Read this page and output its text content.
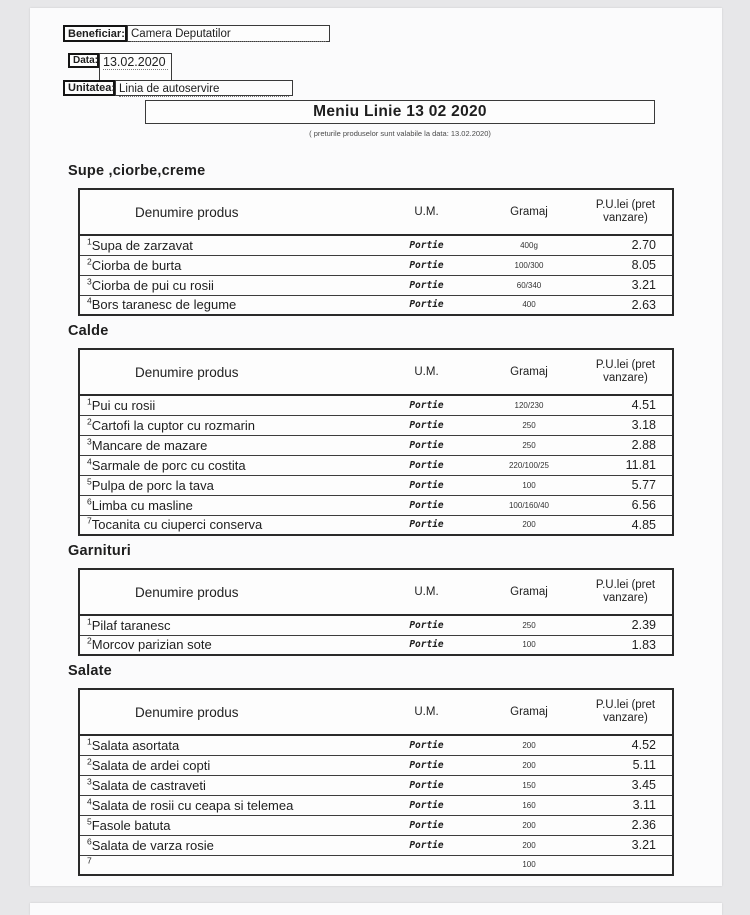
Beneficiar: Camera Deputatilor
Data: 13.02.2020
Unitatea: Linia de autoservire
Meniu Linie 13 02 2020
( preturile produselor sunt valabile la data: 13.02.2020)
Supe ,ciorbe,creme
Denumire produs	U.M.	Gramaj	P.U.lei (pret
vanzare)
$^1$Supa de zarzavat	Portie	400g	2.70
$^2$Ciorba de burta	Portie	100/300	8.05
$^3$Ciorba de pui cu rosii	Portie	60/340	3.21
$^4$Bors taranesc de legume	Portie	400	2.63
Calde
Denumire produs	U.M.	Gramaj	P.U.lei (pret
vanzare)
$^1$Pui cu rosii	Portie	120/230	4.51
$^2$Cartofi la cuptor cu rozmarin	Portie	250	3.18
$^3$Mancare de mazare	Portie	250	2.88
$^4$Sarmale de porc cu costita	Portie	220/100/25	11.81
$^5$Pulpa de porc la tava	Portie	100	5.77
$^6$Limba cu masline	Portie	100/160/40	6.56
$^7$Tocanita cu ciuperci conserva	Portie	200	4.85
Garnituri
Denumire produs	U.M.	Gramaj	P.U.lei (pret
vanzare)
$^1$Pilaf taranesc	Portie	250	2.39
$^2$Morcov parizian sote	Portie	100	1.83
Salate
Denumire produs	U.M.	Gramaj	P.U.lei (pret
vanzare)
$^1$Salata asortata	Portie	200	4.52
$^2$Salata de ardei copti	Portie	200	5.11
$^3$Salata de castraveti	Portie	150	3.45
$^4$Salata de rosii cu ceapa si telemea	Portie	160	3.11
$^5$Fasole batuta	Portie	200	2.36
$^6$Salata de varza rosie	Portie	200	3.21
$^7$		100	
